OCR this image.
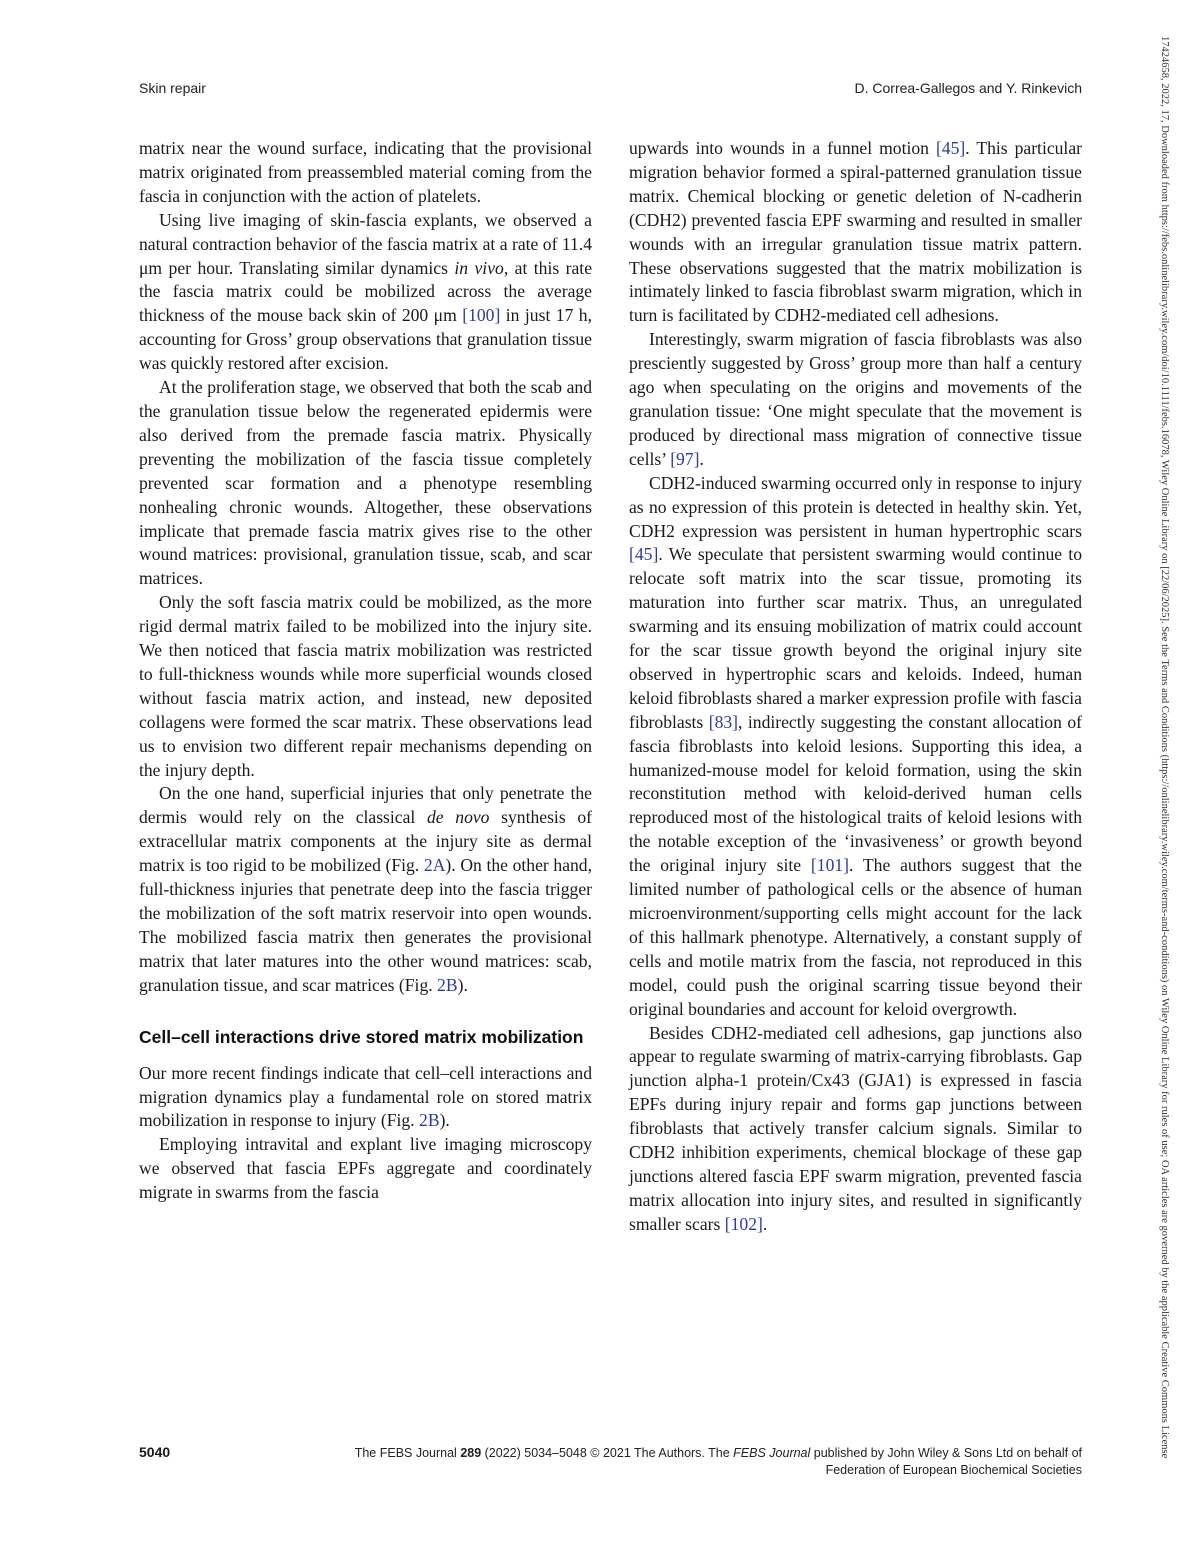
Skin repair	D. Correa-Gallegos and Y. Rinkevich

matrix near the wound surface, indicating that the provisional matrix originated from preassembled material coming from the fascia in conjunction with the action of platelets.

Using live imaging of skin-fascia explants, we observed a natural contraction behavior of the fascia matrix at a rate of 11.4 μm per hour. Translating similar dynamics in vivo, at this rate the fascia matrix could be mobilized across the average thickness of the mouse back skin of 200 μm [100] in just 17 h, accounting for Gross’ group observations that granulation tissue was quickly restored after excision.

At the proliferation stage, we observed that both the scab and the granulation tissue below the regenerated epidermis were also derived from the premade fascia matrix. Physically preventing the mobilization of the fascia tissue completely prevented scar formation and a phenotype resembling nonhealing chronic wounds. Altogether, these observations implicate that premade fascia matrix gives rise to the other wound matrices: provisional, granulation tissue, scab, and scar matrices.

Only the soft fascia matrix could be mobilized, as the more rigid dermal matrix failed to be mobilized into the injury site. We then noticed that fascia matrix mobilization was restricted to full-thickness wounds while more superficial wounds closed without fascia matrix action, and instead, new deposited collagens were formed the scar matrix. These observations lead us to envision two different repair mechanisms depending on the injury depth.

On the one hand, superficial injuries that only penetrate the dermis would rely on the classical de novo synthesis of extracellular matrix components at the injury site as dermal matrix is too rigid to be mobilized (Fig. 2A). On the other hand, full-thickness injuries that penetrate deep into the fascia trigger the mobilization of the soft matrix reservoir into open wounds. The mobilized fascia matrix then generates the provisional matrix that later matures into the other wound matrices: scab, granulation tissue, and scar matrices (Fig. 2B).

Cell–cell interactions drive stored matrix mobilization

Our more recent findings indicate that cell–cell interactions and migration dynamics play a fundamental role on stored matrix mobilization in response to injury (Fig. 2B).

Employing intravital and explant live imaging microscopy we observed that fascia EPFs aggregate and coordinately migrate in swarms from the fascia

upwards into wounds in a funnel motion [45]. This particular migration behavior formed a spiral-patterned granulation tissue matrix. Chemical blocking or genetic deletion of N-cadherin (CDH2) prevented fascia EPF swarming and resulted in smaller wounds with an irregular granulation tissue matrix pattern. These observations suggested that the matrix mobilization is intimately linked to fascia fibroblast swarm migration, which in turn is facilitated by CDH2-mediated cell adhesions.

Interestingly, swarm migration of fascia fibroblasts was also presciently suggested by Gross’ group more than half a century ago when speculating on the origins and movements of the granulation tissue: ‘One might speculate that the movement is produced by directional mass migration of connective tissue cells’ [97].

CDH2-induced swarming occurred only in response to injury as no expression of this protein is detected in healthy skin. Yet, CDH2 expression was persistent in human hypertrophic scars [45]. We speculate that persistent swarming would continue to relocate soft matrix into the scar tissue, promoting its maturation into further scar matrix. Thus, an unregulated swarming and its ensuing mobilization of matrix could account for the scar tissue growth beyond the original injury site observed in hypertrophic scars and keloids. Indeed, human keloid fibroblasts shared a marker expression profile with fascia fibroblasts [83], indirectly suggesting the constant allocation of fascia fibroblasts into keloid lesions. Supporting this idea, a humanized-mouse model for keloid formation, using the skin reconstitution method with keloid-derived human cells reproduced most of the histological traits of keloid lesions with the notable exception of the ‘invasiveness’ or growth beyond the original injury site [101]. The authors suggest that the limited number of pathological cells or the absence of human microenvironment/supporting cells might account for the lack of this hallmark phenotype. Alternatively, a constant supply of cells and motile matrix from the fascia, not reproduced in this model, could push the original scarring tissue beyond their original boundaries and account for keloid overgrowth.

Besides CDH2-mediated cell adhesions, gap junctions also appear to regulate swarming of matrix-carrying fibroblasts. Gap junction alpha-1 protein/Cx43 (GJA1) is expressed in fascia EPFs during injury repair and forms gap junctions between fibroblasts that actively transfer calcium signals. Similar to CDH2 inhibition experiments, chemical blockage of these gap junctions altered fascia EPF swarm migration, prevented fascia matrix allocation into injury sites, and resulted in significantly smaller scars [102].

5040	The FEBS Journal 289 (2022) 5034–5048 © 2021 The Authors. The FEBS Journal published by John Wiley & Sons Ltd on behalf of
Federation of European Biochemical Societies
17424658, 2022, 17, Downloaded from https://febs.onlinelibrary.wiley.com/doi/10.1111/febs.16078, Wiley Online Library on [22/06/2025]. See the Terms and Conditions (https://onlinelibrary.wiley.com/terms-and-conditions) on Wiley Online Library for rules of use; OA articles are governed by the applicable Creative Commons License
